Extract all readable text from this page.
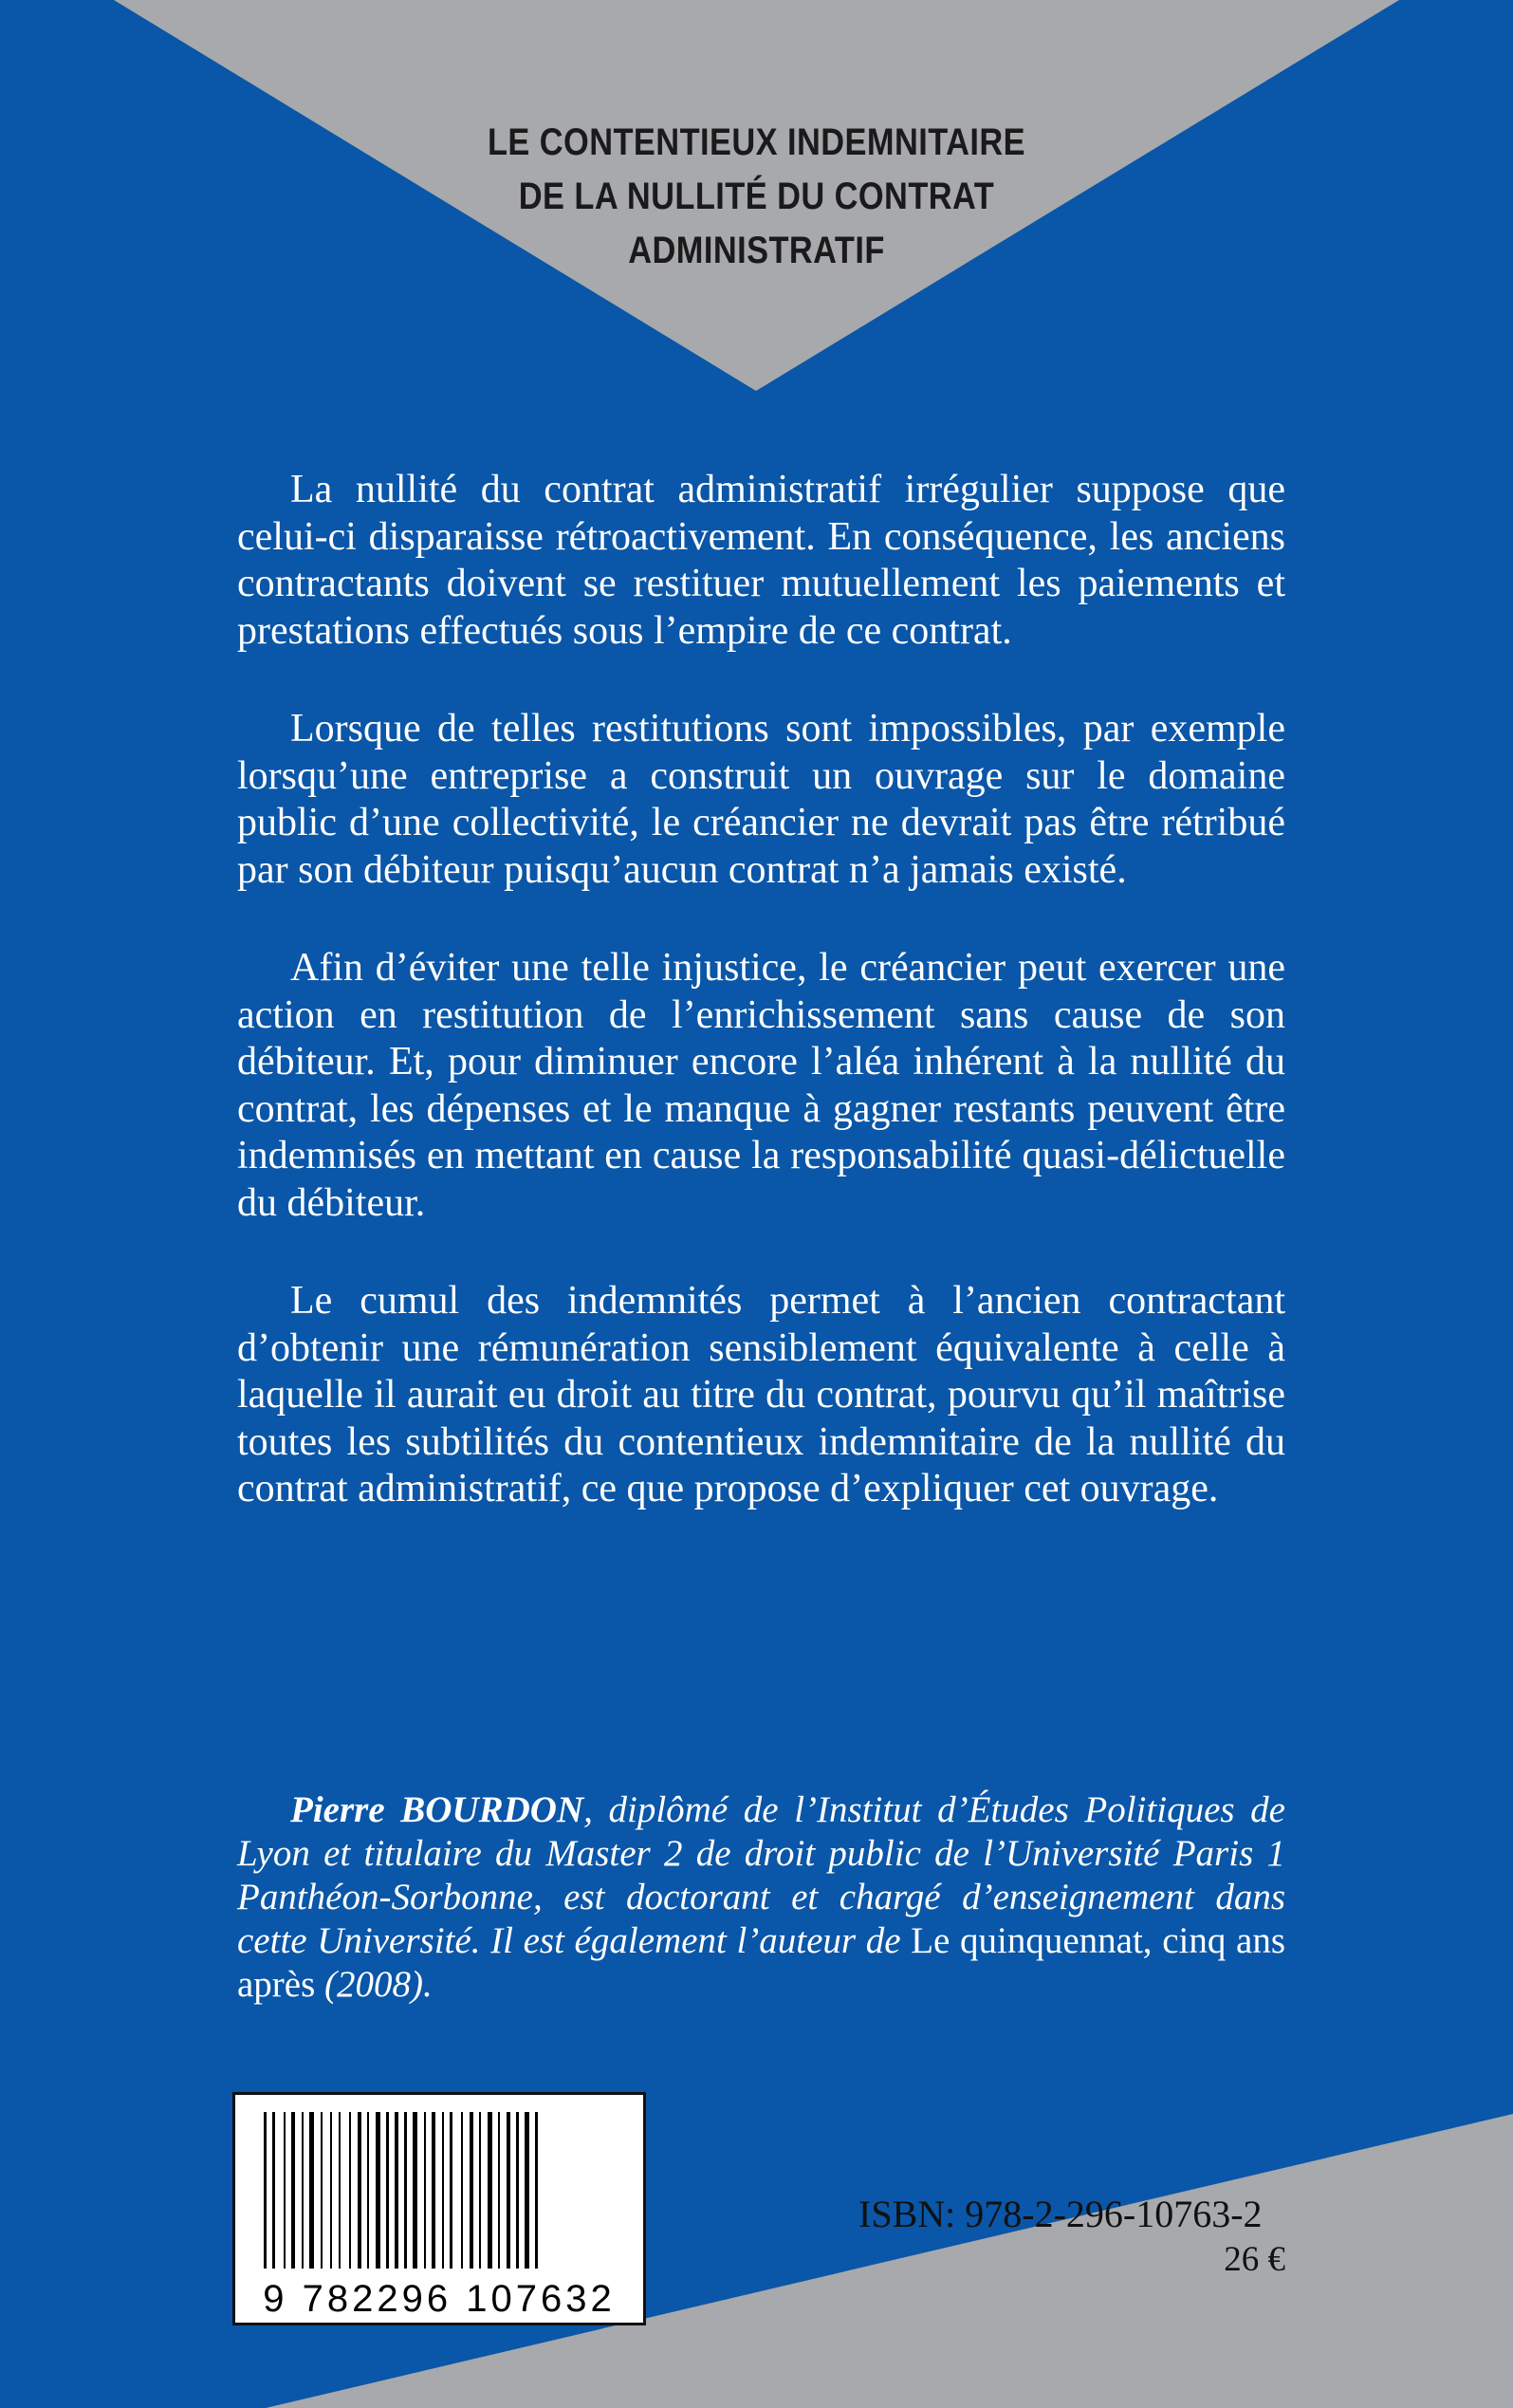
LE CONTENTIEUX INDEMNITAIRE
DE LA NULLITÉ DU CONTRAT
ADMINISTRATIF

La nullité du contrat administratif irrégulier suppose que celui-ci disparaisse rétroactivement. En conséquence, les anciens contractants doivent se restituer mutuellement les paiements et prestations effectués sous l’empire de ce contrat.

Lorsque de telles restitutions sont impossibles, par exemple lorsqu’une entreprise a construit un ouvrage sur le domaine public d’une collectivité, le créancier ne devrait pas être rétribué par son débiteur puisqu’aucun contrat n’a jamais existé.

Afin d’éviter une telle injustice, le créancier peut exercer une action en restitution de l’enrichissement sans cause de son débiteur. Et, pour diminuer encore l’aléa inhérent à la nullité du contrat, les dépenses et le manque à gagner restants peuvent être indemnisés en mettant en cause la responsabilité quasi-délictuelle du débiteur.

Le cumul des indemnités permet à l’ancien contractant d’obtenir une rémunération sensiblement équivalente à celle à laquelle il aurait eu droit au titre du contrat, pourvu qu’il maîtrise toutes les subtilités du contentieux indemnitaire de la nullité du contrat administratif, ce que propose d’expliquer cet ouvrage.

Pierre BOURDON, diplômé de l’Institut d’Études Politiques de Lyon et titulaire du Master 2 de droit public de l’Université Paris 1 Panthéon-Sorbonne, est doctorant et chargé d’enseignement dans cette Université. Il est également l’auteur de Le quinquennat, cinq ans après (2008).

9 782296 107632
ISBN: 978-2-296-10763-2
26 €
